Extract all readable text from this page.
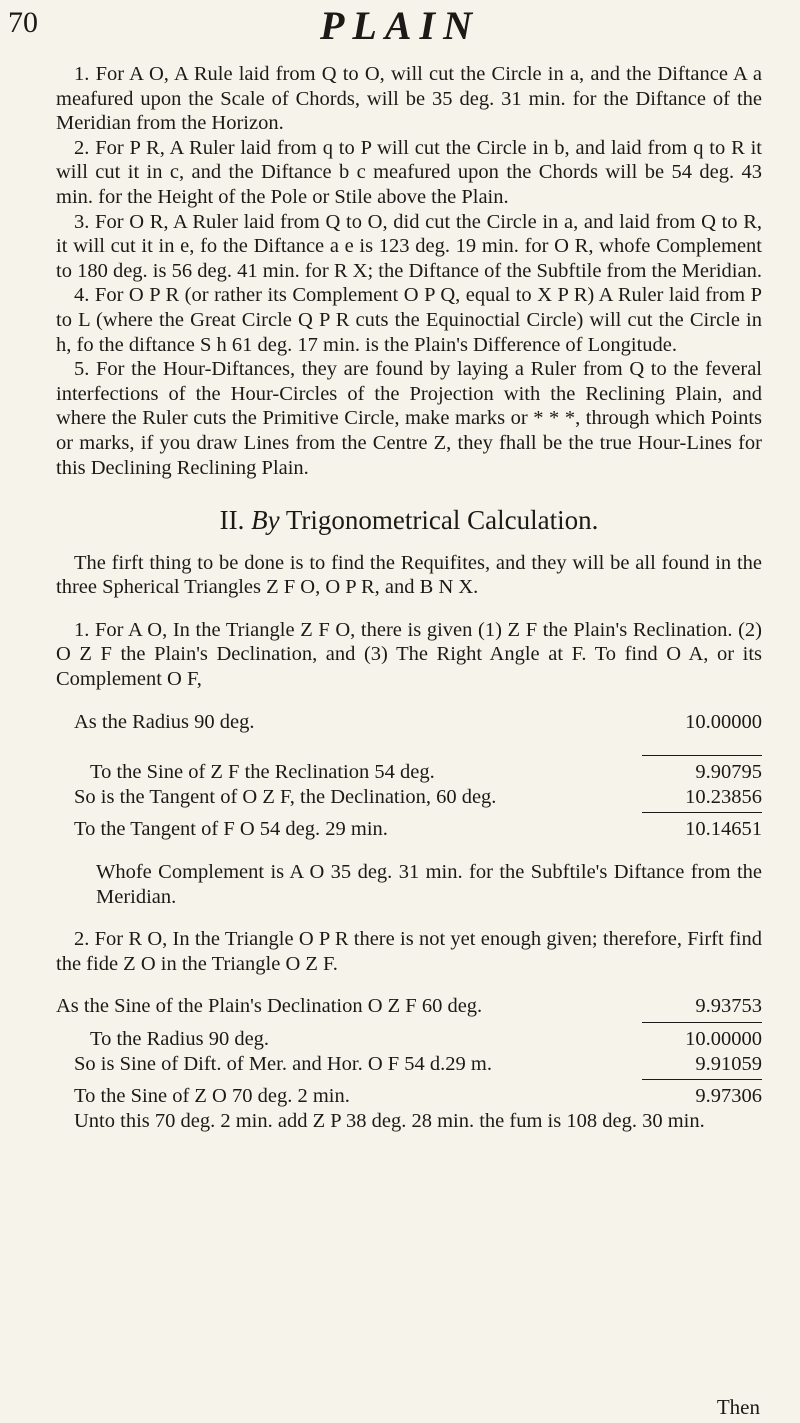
70	PLAIN

1. For A O, A Rule laid from Q to O, will cut the Circle in a, and the Diftance A a meafured upon the Scale of Chords, will be 35 deg. 31 min. for the Diftance of the Meridian from the Horizon.

2. For P R, A Ruler laid from q to P will cut the Circle in b, and laid from q to R it will cut it in c, and the Diftance b c meafured upon the Chords will be 54 deg. 43 min. for the Height of the Pole or Stile above the Plain.

3. For O R, A Ruler laid from Q to O, did cut the Circle in a, and laid from Q to R, it will cut it in e, fo the Diftance a e is 123 deg. 19 min. for O R, whofe Complement to 180 deg. is 56 deg. 41 min. for R X; the Diftance of the Subftile from the Meridian.

4. For O P R (or rather its Complement O P Q, equal to X P R) A Ruler laid from P to L (where the Great Circle Q P R cuts the Equinoctial Circle) will cut the Circle in h, fo the diftance S h 61 deg. 17 min. is the Plain's Difference of Longitude.

5. For the Hour-Diftances, they are found by laying a Ruler from Q to the feveral interfections of the Hour-Circles of the Projection with the Reclining Plain, and where the Ruler cuts the Primitive Circle, make marks or * * *, through which Points or marks, if you draw Lines from the Centre Z, they fhall be the true Hour-Lines for this Declining Reclining Plain.

II. By Trigonometrical Calculation.

The firft thing to be done is to find the Requifites, and they will be all found in the three Spherical Triangles Z F O, O P R, and B N X.

1. For A O, In the Triangle Z F O, there is given (1) Z F the Plain's Reclination. (2) O Z F the Plain's Declination, and (3) The Right Angle at F. To find O A, or its Complement O F,

As the Radius 90 deg.	10.00000
To the Sine of Z F the Reclination 54 deg.	9.90795
So is the Tangent of O Z F, the Declination, 60 deg.	10.23856
To the Tangent of F O 54 deg. 29 min.	10.14651

Whofe Complement is A O 35 deg. 31 min. for the Subftile's Diftance from the Meridian.

2. For R O, In the Triangle O P R there is not yet enough given; therefore, Firft find the fide Z O in the Triangle O Z F.

As the Sine of the Plain's Declination O Z F 60 deg.	9.93753
To the Radius 90 deg.	10.00000
So is Sine of Dift. of Mer. and Hor. O F 54 d.29 m.	9.91059
To the Sine of Z O 70 deg. 2 min.	9.97306

Unto this 70 deg. 2 min. add Z P 38 deg. 28 min. the fum is 108 deg. 30 min.

Then
